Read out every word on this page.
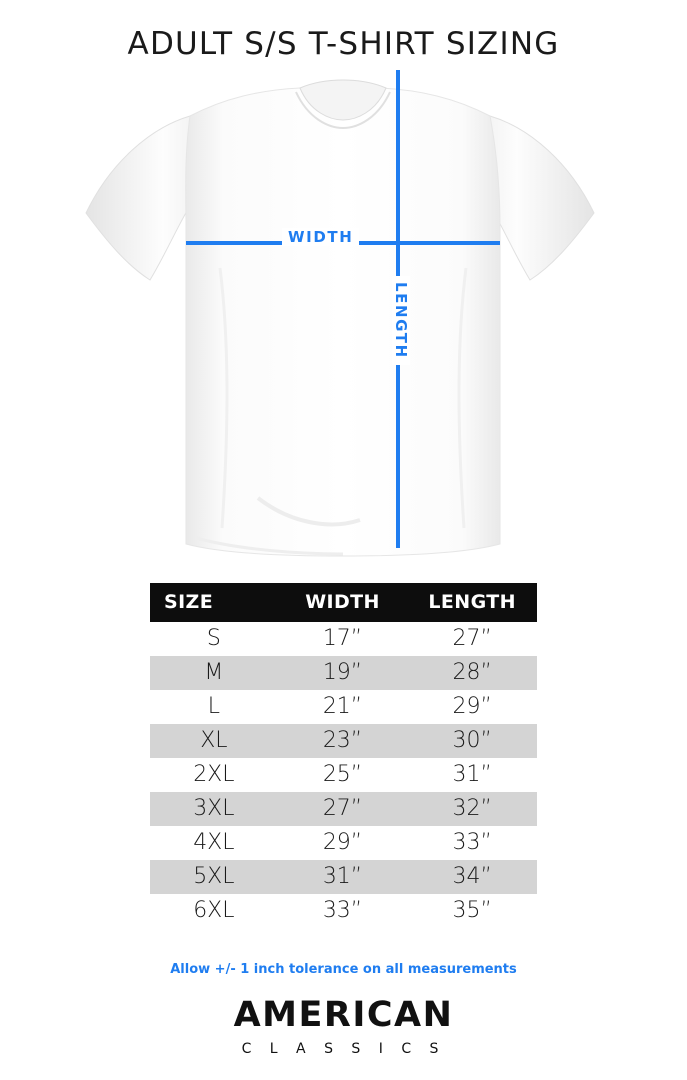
ADULT S/S T-SHIRT SIZING
WIDTH
LENGTH
SIZE	WIDTH	LENGTH
S	17”	27”
M	19”	28”
L	21”	29”
XL	23”	30”
2XL	25”	31”
3XL	27”	32”
4XL	29”	33”
5XL	31”	34”
6XL	33”	35”
Allow +/- 1 inch tolerance on all measurements
AMERICAN
C L A S S I C S
